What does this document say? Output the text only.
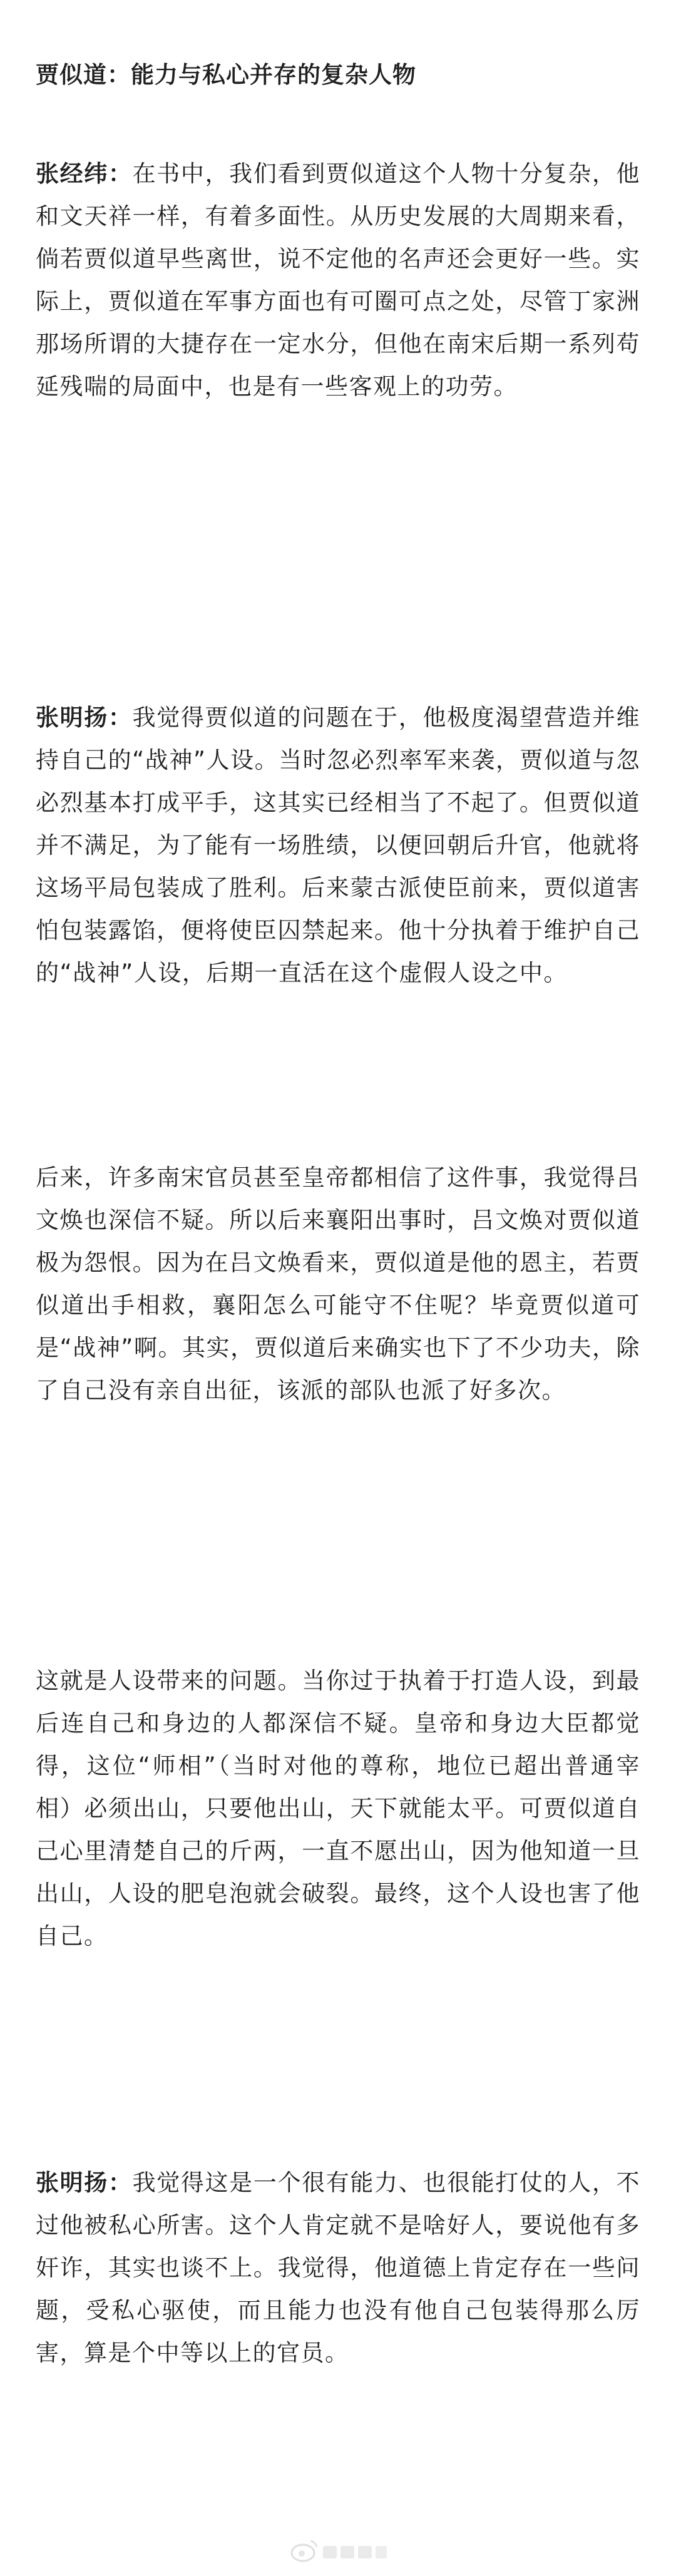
贾似道：能力与私心并存的复杂人物

张经纬：在书中，我们看到贾似道这个人物十分复杂，他和文天祥一样，有着多面性。从历史发展的大周期来看，倘若贾似道早些离世，说不定他的名声还会更好一些。实际上，贾似道在军事方面也有可圈可点之处，尽管丁家洲那场所谓的大捷存在一定水分，但他在南宋后期一系列苟延残喘的局面中，也是有一些客观上的功劳。

张明扬：我觉得贾似道的问题在于，他极度渴望营造并维持自己的“战神”人设。当时忽必烈率军来袭，贾似道与忽必烈基本打成平手，这其实已经相当了不起了。但贾似道并不满足，为了能有一场胜绩，以便回朝后升官，他就将这场平局包装成了胜利。后来蒙古派使臣前来，贾似道害怕包装露馅，便将使臣囚禁起来。他十分执着于维护自己的“战神”人设，后期一直活在这个虚假人设之中。

后来，许多南宋官员甚至皇帝都相信了这件事，我觉得吕文焕也深信不疑。所以后来襄阳出事时，吕文焕对贾似道极为怨恨。因为在吕文焕看来，贾似道是他的恩主，若贾似道出手相救，襄阳怎么可能守不住呢？毕竟贾似道可是“战神”啊。其实，贾似道后来确实也下了不少功夫，除了自己没有亲自出征，该派的部队也派了好多次。

这就是人设带来的问题。当你过于执着于打造人设，到最后连自己和身边的人都深信不疑。皇帝和身边大臣都觉得，这位“师相”（当时对他的尊称，地位已超出普通宰相）必须出山，只要他出山，天下就能太平。可贾似道自己心里清楚自己的斤两，一直不愿出山，因为他知道一旦出山，人设的肥皂泡就会破裂。最终，这个人设也害了他自己。

张明扬：我觉得这是一个很有能力、也很能打仗的人，不过他被私心所害。这个人肯定就不是啥好人，要说他有多奸诈，其实也谈不上。我觉得，他道德上肯定存在一些问题，受私心驱使，而且能力也没有他自己包装得那么厉害，算是个中等以上的官员。
